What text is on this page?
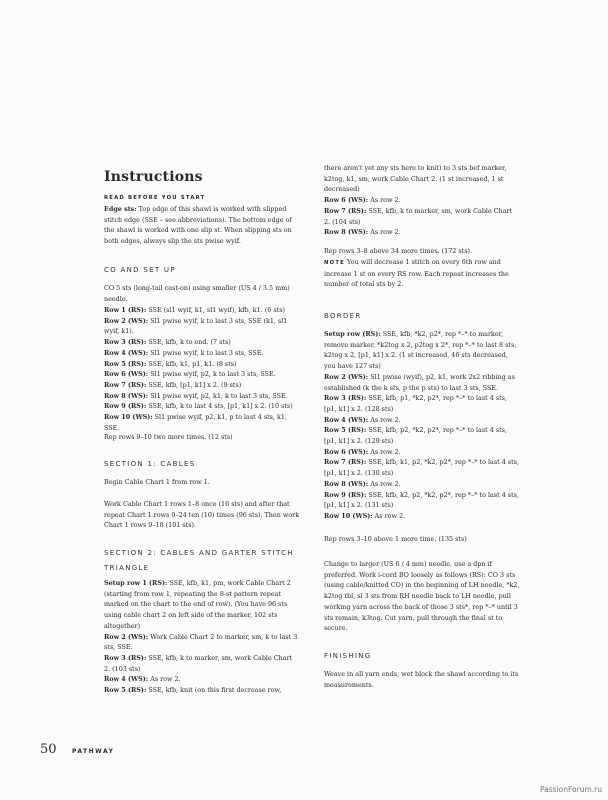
Instructions
READ BEFORE YOU START
Edge sts: Top edge of this shawl is worked with slipped stitch edge (SSE – see abbreviations). The bottom edge of the shawl is worked with one slip st. When slipping sts on both edges, always slip the sts pwise wyif.
CO AND SET UP
CO 5 sts (long-tail cast-on) using smaller (US 4 / 3.5 mm) needle.
Row 1 (RS): SSE (sl1 wyif, k1, sl1 wyif), kfb, k1. (6 sts)
Row 2 (WS): Sl1 pwise wyif, k to last 3 sts, SSE (k1, sl1 wyif, k1).
Row 3 (RS): SSE, kfb, k to end. (7 sts)
Row 4 (WS): Sl1 pwise wyif, k to last 3 sts, SSE.
Row 5 (RS): SSE, kfb, k1, p1, k1. (8 sts)
Row 6 (WS): Sl1 pwise wyif, p2, k to last 3 sts, SSE.
Row 7 (RS): SSE, kfb, [p1, k1] x 2. (9 sts)
Row 8 (WS): Sl1 pwise wyif, p2, k1, k to last 3 sts, SSE.
Row 9 (RS): SSE, kfb, k to last 4 sts, [p1, k1] x 2. (10 sts)
Row 10 (WS): Sl1 pwise wyif, p2, k1, p to last 4 sts, k1, SSE.
Rep rows 9–10 two more times. (12 sts)
SECTION 1: CABLES
Begin Cable Chart 1 from row 1.
Work Cable Chart 1 rows 1–8 once (16 sts) and after that repeat Chart 1 rows 9–24 ten (10) times (96 sts). Then work Chart 1 rows 9–18 (101 sts).
SECTION 2: CABLES AND GARTER STITCH TRIANGLE
Setup row 1 (RS): SSE, kfb, k1, pm, work Cable Chart 2 (starting from row 1, repeating the 8-st pattern repeat marked on the chart to the end of row). (You have 96 sts using cable chart 2 on left side of the marker, 102 sts altogether)
Row 2 (WS): Work Cable Chart 2 to marker, sm, k to last 3 sts, SSE.
Row 3 (RS): SSE, kfb, k to marker, sm, work Cable Chart 2. (103 sts)
Row 4 (WS): As row 2.
Row 5 (RS): SSE, kfb, knit (on this first decrease row,
there aren't yet any sts here to knit) to 3 sts bef marker, k2tog, k1, sm, work Cable Chart 2. (1 st increased, 1 st decreased)
Row 6 (WS): As row 2.
Row 7 (RS): SSE, kfb, k to marker, sm, work Cable Chart 2. (104 sts)
Row 8 (WS): As row 2.
Rep rows 3–8 above 34 more times. (172 sts).
NOTE You will decrease 1 stitch on every 6th row and increase 1 st on every RS row. Each repeat increases the number of total sts by 2.
BORDER
Setup row (RS): SSE, kfb, *k2, p2*, rep *–* to marker, remove marker, *k2tog x 2, p2tog x 2*, rep *–* to last 8 sts, k2tog x 2, [p1, k1] x 2. (1 st increased, 46 sts decreased, you have 127 sts)
Row 2 (WS): Sl1 pwise (wyif), p2, k1, work 2x2 ribbing as established (k the k sts, p the p sts) to last 3 sts, SSE.
Row 3 (RS): SSE, kfb, p1, *k2, p2*, rep *–* to last 4 sts, [p1, k1] x 2. (128 sts)
Row 4 (WS): As row 2.
Row 5 (RS): SSE, kfb, p2, *k2, p2*, rep *–* to last 4 sts, [p1, k1] x 2. (129 sts)
Row 6 (WS): As row 2.
Row 7 (RS): SSE, kfb, k1, p2, *k2, p2*, rep *–* to last 4 sts, [p1, k1] x 2. (130 sts)
Row 8 (WS): As row 2.
Row 9 (RS): SSE, kfb, k2, p2, *k2, p2*, rep *–* to last 4 sts, [p1, k1] x 2. (131 sts)
Row 10 (WS): As row 2.
Rep rows 3–10 above 1 more time. (135 sts)
Change to larger (US 6 / 4 mm) needle, use a dpn if preferred. Work i-cord BO loosely as follows (RS): CO 3 sts (using cable/knitted CO) in the beginning of LH needle, *k2, k2tog tbl, sl 3 sts from RH needle back to LH needle, pull working yarn across the back of those 3 sts*, rep *–* until 3 sts remain, k3tog. Cut yarn, pull through the final st to secure.
FINISHING
Weave in all yarn ends, wet block the shawl according to its measurements.
50	PATHWAY
PassionForum.ru
